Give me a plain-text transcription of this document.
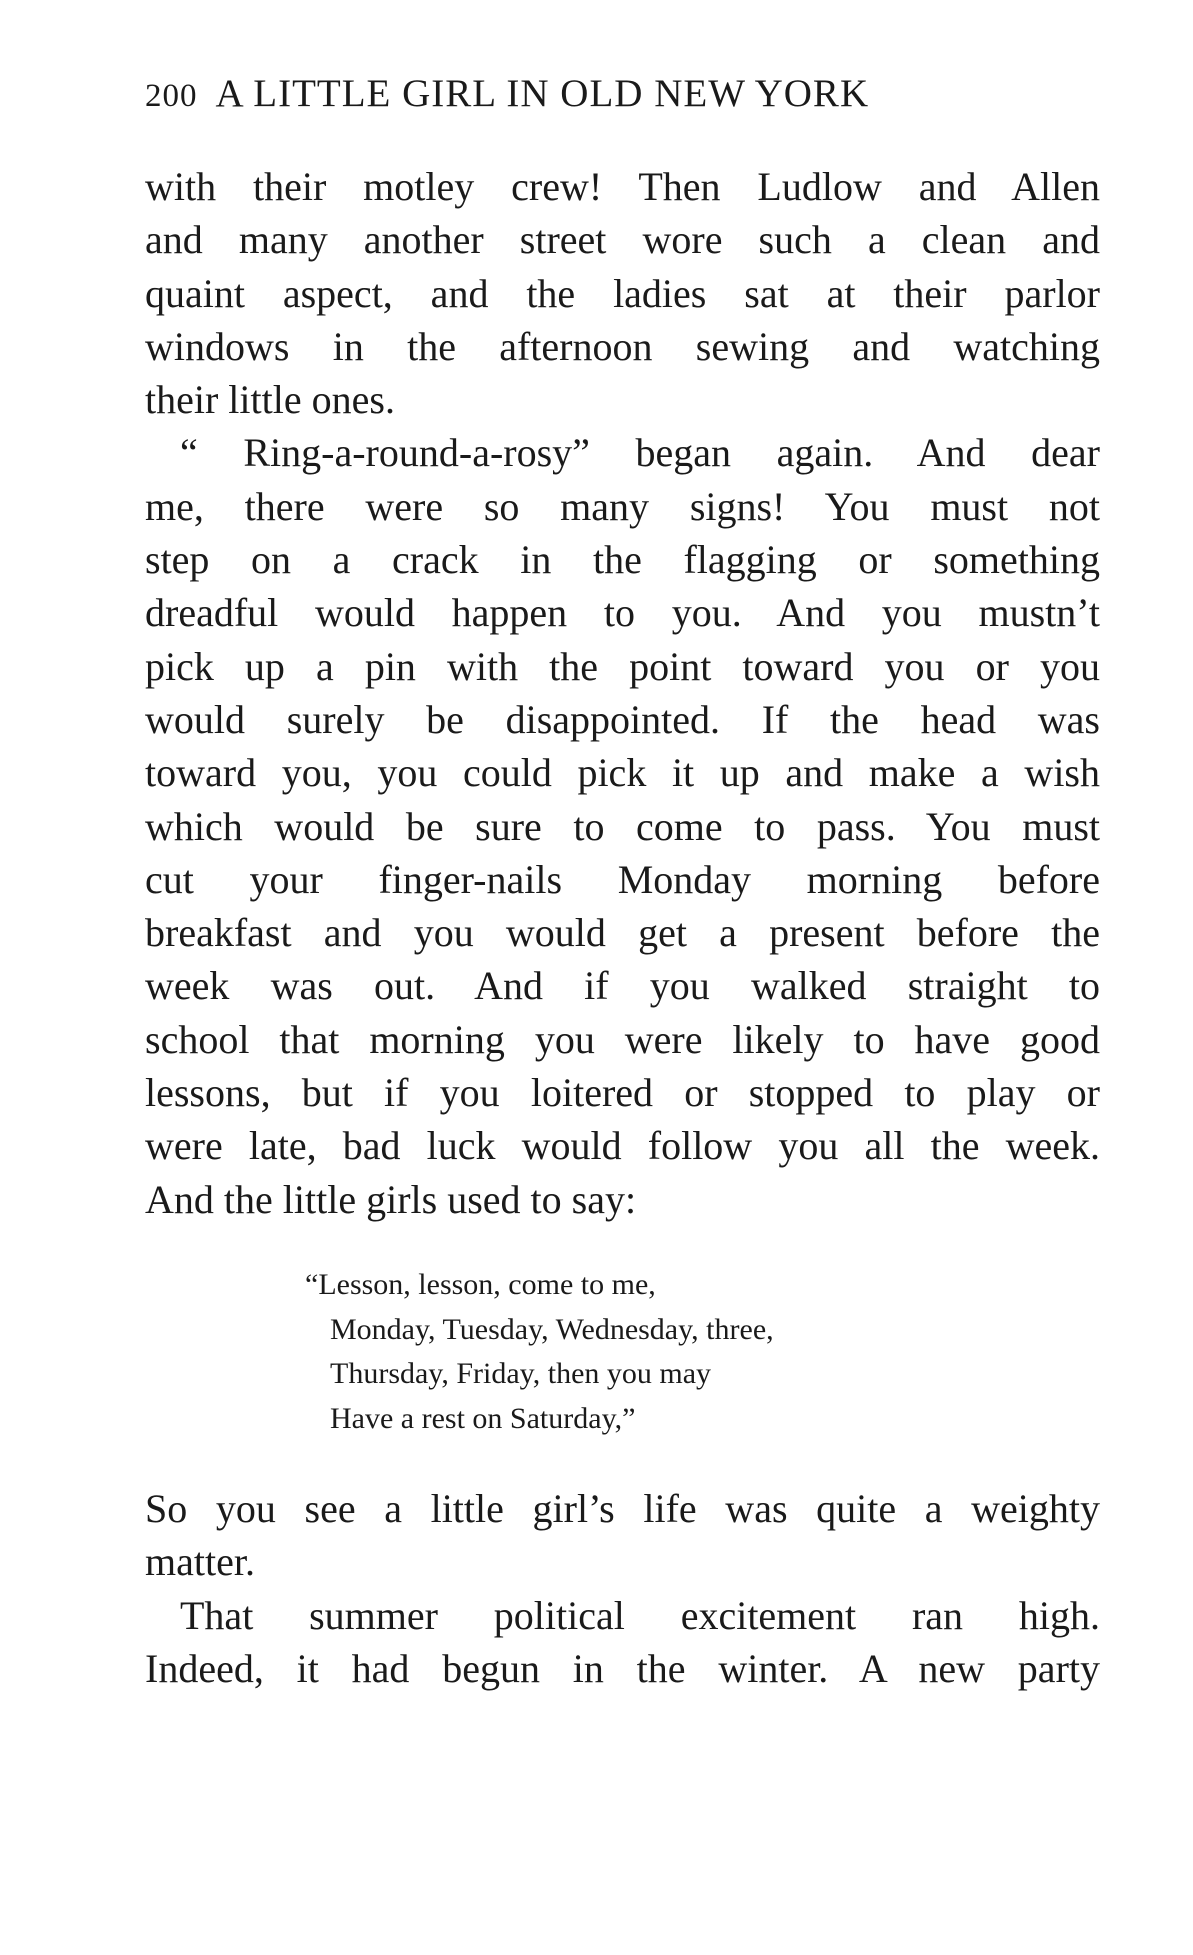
200 A LITTLE GIRL IN OLD NEW YORK
with their motley crew! Then Ludlow and Allen
and many another street wore such a clean and
quaint aspect, and the ladies sat at their parlor
windows in the afternoon sewing and watching
their little ones.
“ Ring-a-round-a-rosy” began again. And dear
me, there were so many signs! You must not
step on a crack in the flagging or something
dreadful would happen to you. And you mustn’t
pick up a pin with the point toward you or you
would surely be disappointed. If the head was
toward you, you could pick it up and make a wish
which would be sure to come to pass. You must
cut your finger-nails Monday morning before
breakfast and you would get a present before the
week was out. And if you walked straight to
school that morning you were likely to have good
lessons, but if you loitered or stopped to play or
were late, bad luck would follow you all the week.
And the little girls used to say:
“Lesson, lesson, come to me,
Monday, Tuesday, Wednesday, three,
Thursday, Friday, then you may
Have a rest on Saturday,”
So you see a little girl’s life was quite a weighty
matter.
That summer political excitement ran high.
Indeed, it had begun in the winter. A new party
